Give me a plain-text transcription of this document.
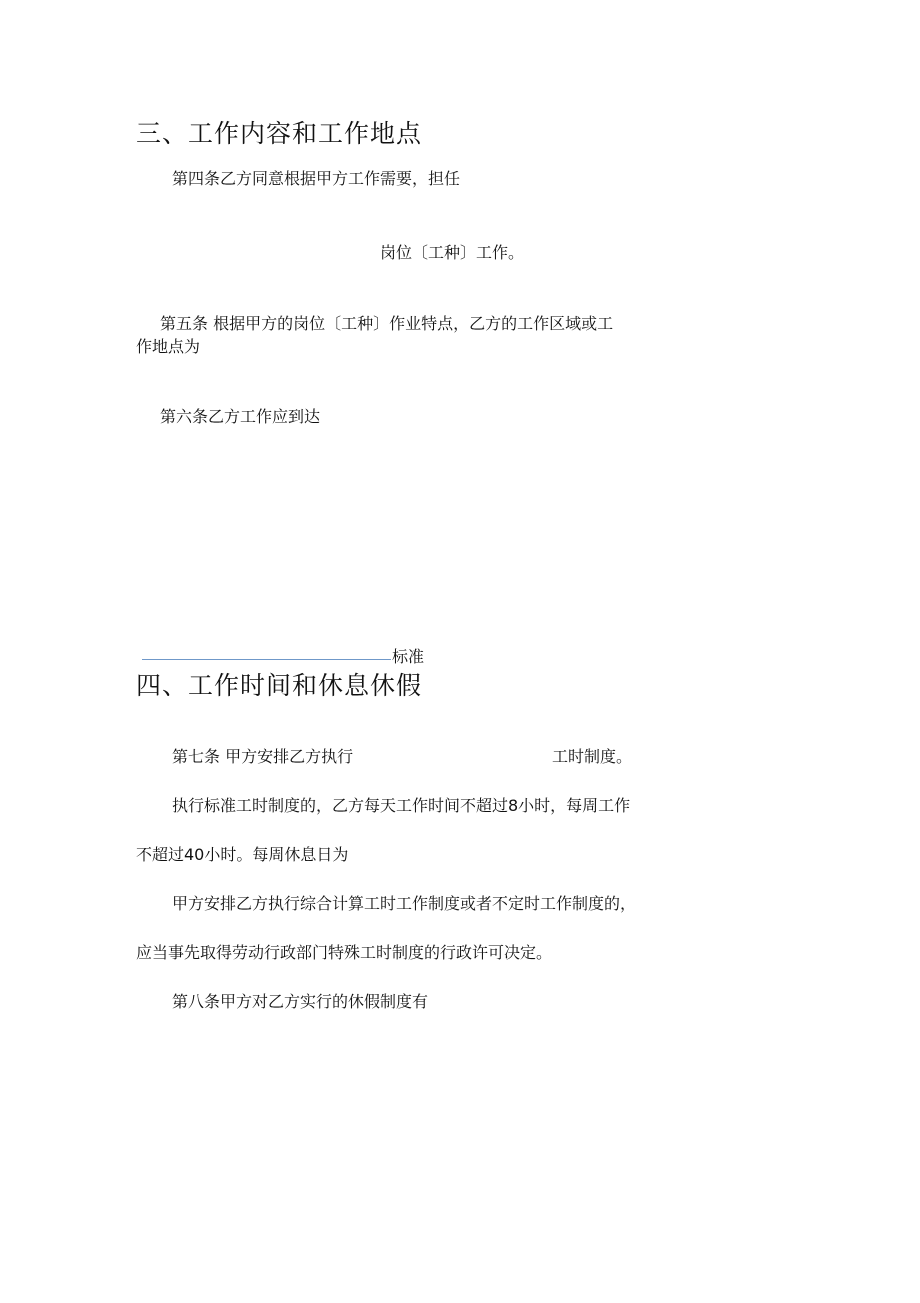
三、工作内容和工作地点
第四条乙方同意根据甲方工作需要，担任
岗位〔工种〕工作。
第五条 根据甲方的岗位〔工种〕作业特点，乙方的工作区域或工
作地点为
第六条乙方工作应到达
标准
四、工作时间和休息休假
第七条 甲方安排乙方执行	工时制度。
执行标准工时制度的，乙方每天工作时间不超过8小时，每周工作
不超过40小时。每周休息日为
甲方安排乙方执行综合计算工时工作制度或者不定时工作制度的，
应当事先取得劳动行政部门特殊工时制度的行政许可决定。
第八条甲方对乙方实行的休假制度有
